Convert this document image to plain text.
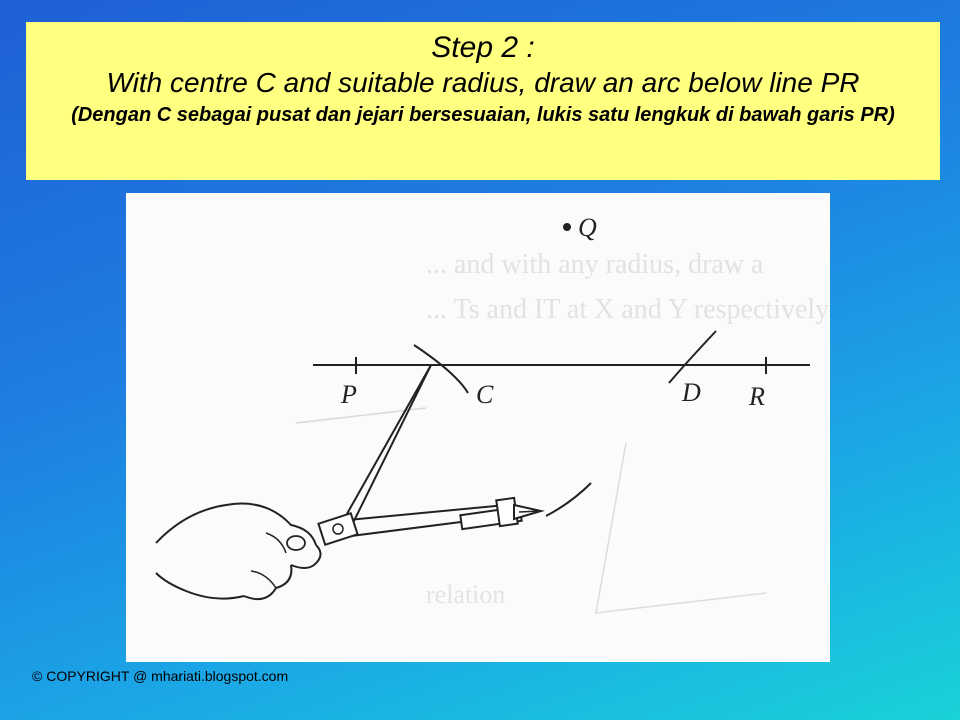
Step 2 :
With centre C and suitable radius, draw an arc below line PR
(Dengan C sebagai pusat dan jejari bersesuaian, lukis satu lengkuk di bawah garis PR)
... and with any radius, draw a
... Ts and IT at X and Y respectively
Q
P	C	D R
relation
© COPYRIGHT @ mhariati.blogspot.com
